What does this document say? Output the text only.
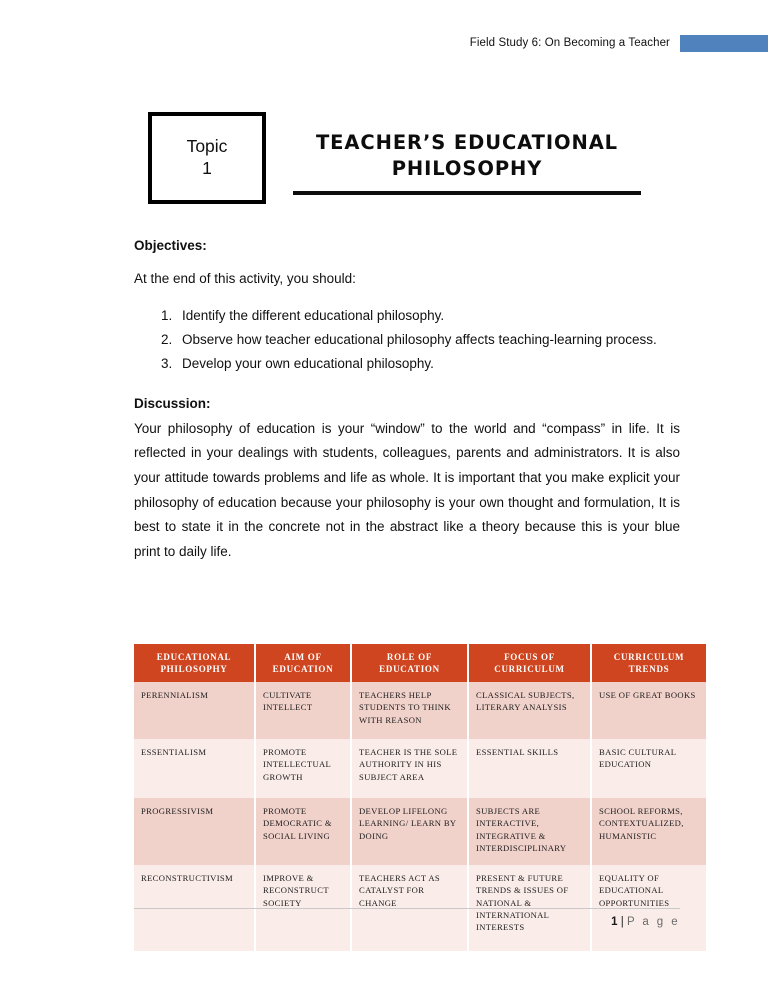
Field Study 6: On Becoming a Teacher
Topic
1
TEACHER’S EDUCATIONAL
PHILOSOPHY

Objectives:

At the end of this activity, you should:

1. Identify the different educational philosophy.
2. Observe how teacher educational philosophy affects teaching-learning process.
3. Develop your own educational philosophy.

Discussion:

Your philosophy of education is your “window” to the world and “compass” in life. It is reflected in your dealings with students, colleagues, parents and administrators. It is also your attitude towards problems and life as whole. It is important that you make explicit your philosophy of education because your philosophy is your own thought and formulation, It is best to state it in the concrete not in the abstract like a theory because this is your blue print to daily life.

EDUCATIONAL PHILOSOPHY	AIM OF EDUCATION	ROLE OF EDUCATION	FOCUS OF CURRICULUM	CURRICULUM TRENDS
PERENNIALISM	CULTIVATE INTELLECT	TEACHERS HELP STUDENTS TO THINK WITH REASON	CLASSICAL SUBJECTS, LITERARY ANALYSIS	USE OF GREAT BOOKS
ESSENTIALISM	PROMOTE INTELLECTUAL GROWTH	TEACHER IS THE SOLE AUTHORITY IN HIS SUBJECT AREA	ESSENTIAL SKILLS	BASIC CULTURAL EDUCATION
PROGRESSIVISM	PROMOTE DEMOCRATIC & SOCIAL LIVING	DEVELOP LIFELONG LEARNING/ LEARN BY DOING	SUBJECTS ARE INTERACTIVE, INTEGRATIVE & INTERDISCIPLINARY	SCHOOL REFORMS, CONTEXTUALIZED, HUMANISTIC
RECONSTRUCTIVISM	IMPROVE & RECONSTRUCT SOCIETY	TEACHERS ACT AS CATALYST FOR CHANGE	PRESENT & FUTURE TRENDS & ISSUES OF NATIONAL & INTERNATIONAL INTERESTS	EQUALITY OF EDUCATIONAL OPPORTUNITIES
1 | P a g e
